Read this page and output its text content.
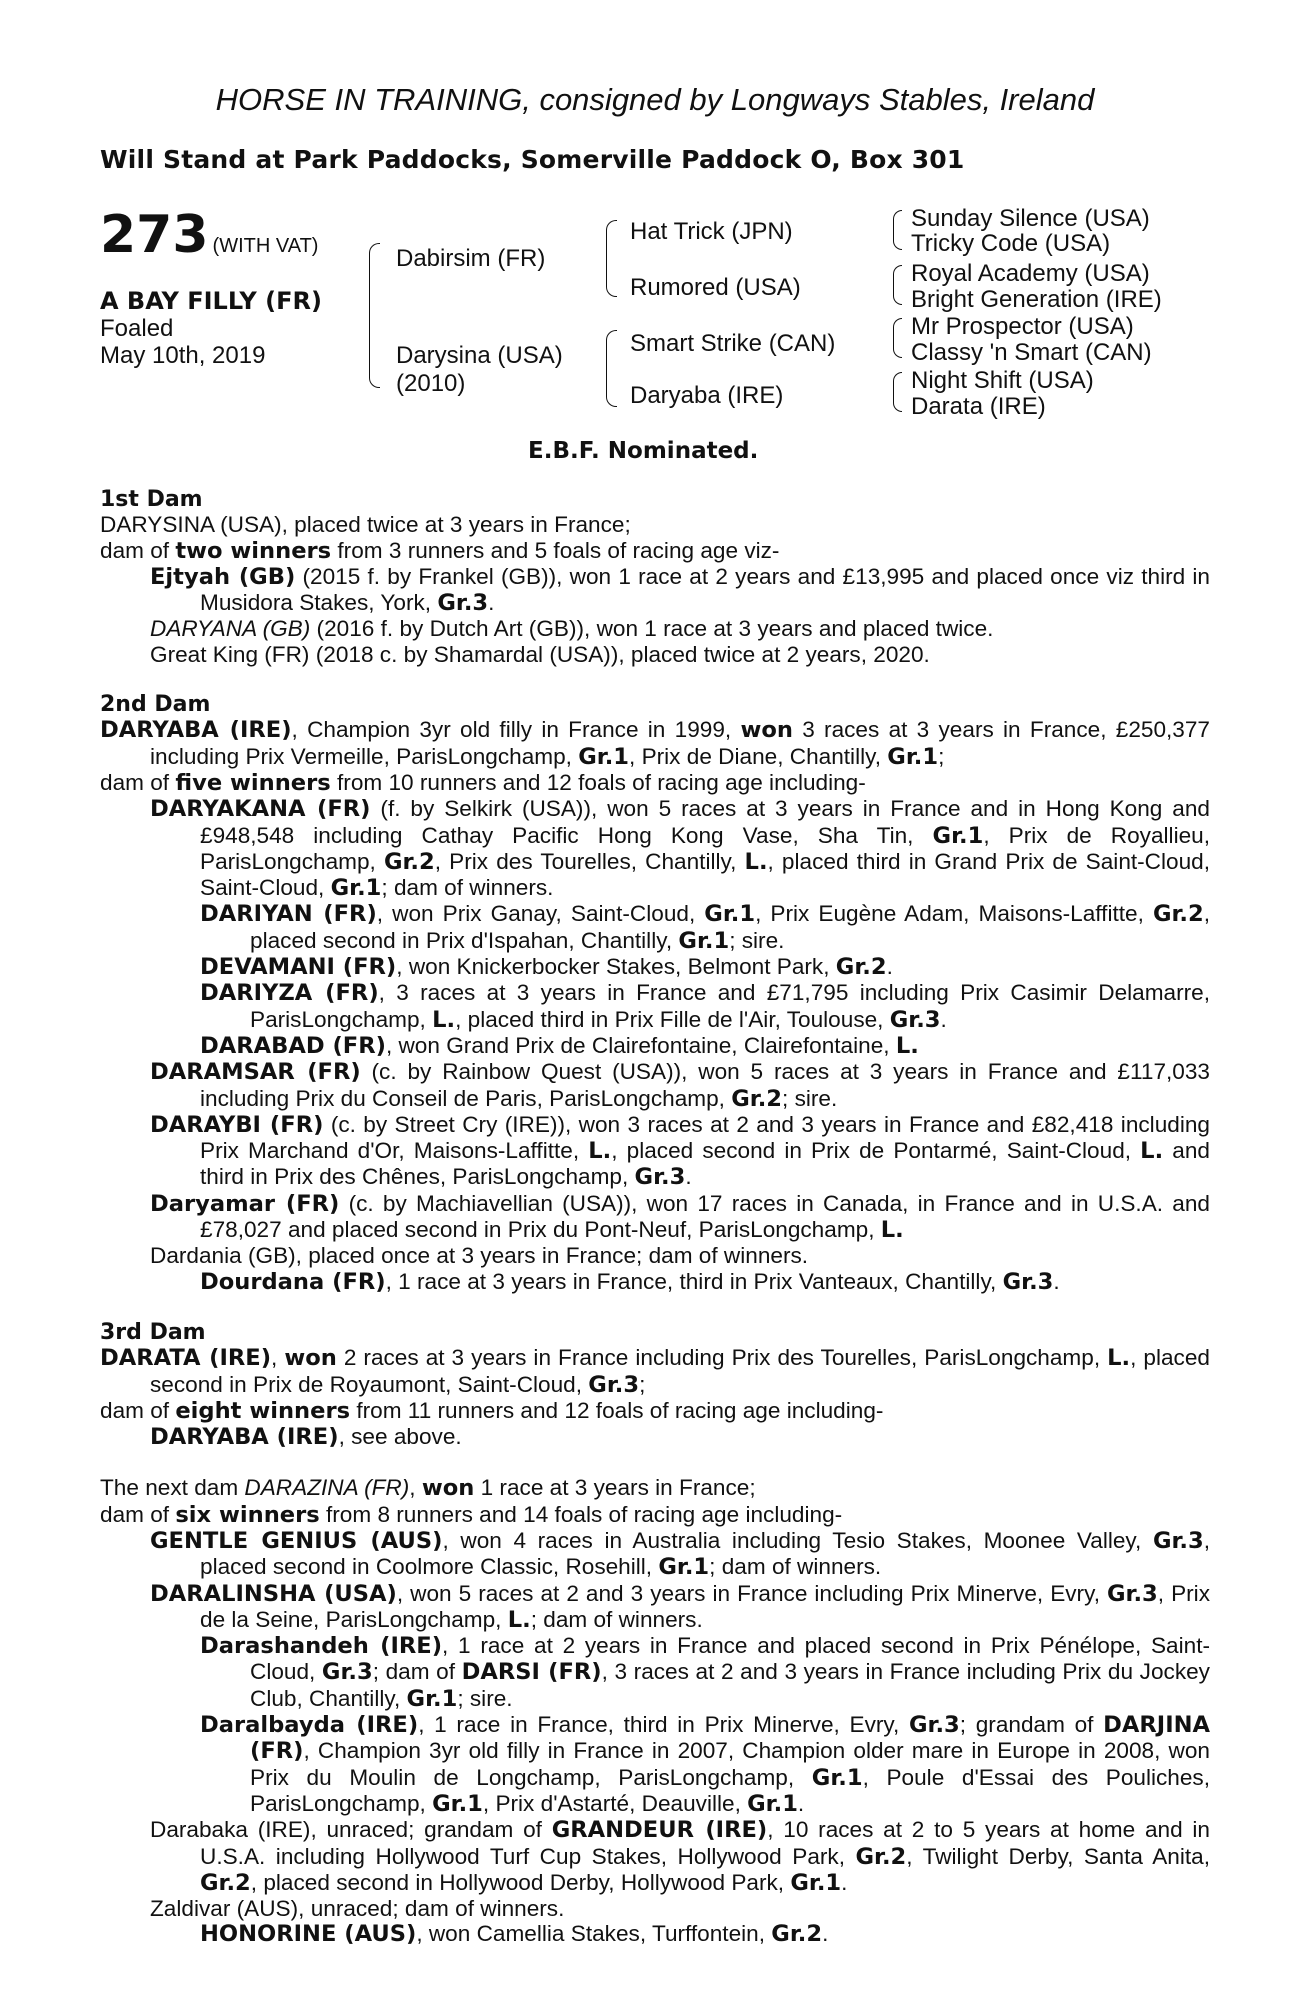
HORSE IN TRAINING, consigned by Longways Stables, Ireland
Will Stand at Park Paddocks, Somerville Paddock O, Box 301
273 (WITH VAT)
A BAY FILLY (FR)
Foaled
May 10th, 2019
Dabirsim (FR)
Darysina (USA)
(2010)
Hat Trick (JPN)
Rumored (USA)
Smart Strike (CAN)
Daryaba (IRE)
Sunday Silence (USA)
Tricky Code (USA)
Royal Academy (USA)
Bright Generation (IRE)
Mr Prospector (USA)
Classy 'n Smart (CAN)
Night Shift (USA)
Darata (IRE)
E.B.F. Nominated.

1st Dam

DARYSINA (USA), placed twice at 3 years in France;

dam of two winners from 3 runners and 5 foals of racing age viz-

Ejtyah (GB) (2015 f. by Frankel (GB)), won 1 race at 2 years and £13,995 and placed once viz third in Musidora Stakes, York, Gr.3.

DARYANA (GB) (2016 f. by Dutch Art (GB)), won 1 race at 3 years and placed twice.

Great King (FR) (2018 c. by Shamardal (USA)), placed twice at 2 years, 2020.

2nd Dam

DARYABA (IRE), Champion 3yr old filly in France in 1999, won 3 races at 3 years in France, £250,377 including Prix Vermeille, ParisLongchamp, Gr.1, Prix de Diane, Chantilly, Gr.1;

dam of five winners from 10 runners and 12 foals of racing age including-

DARYAKANA (FR) (f. by Selkirk (USA)), won 5 races at 3 years in France and in Hong Kong and £948,548 including Cathay Pacific Hong Kong Vase, Sha Tin, Gr.1, Prix de Royallieu, ParisLongchamp, Gr.2, Prix des Tourelles, Chantilly, L., placed third in Grand Prix de Saint-Cloud, Saint-Cloud, Gr.1; dam of winners.

DARIYAN (FR), won Prix Ganay, Saint-Cloud, Gr.1, Prix Eugène Adam, Maisons-Laffitte, Gr.2, placed second in Prix d'Ispahan, Chantilly, Gr.1; sire.

DEVAMANI (FR), won Knickerbocker Stakes, Belmont Park, Gr.2.

DARIYZA (FR), 3 races at 3 years in France and £71,795 including Prix Casimir Delamarre, ParisLongchamp, L., placed third in Prix Fille de l'Air, Toulouse, Gr.3.

DARABAD (FR), won Grand Prix de Clairefontaine, Clairefontaine, L.

DARAMSAR (FR) (c. by Rainbow Quest (USA)), won 5 races at 3 years in France and £117,033 including Prix du Conseil de Paris, ParisLongchamp, Gr.2; sire.

DARAYBI (FR) (c. by Street Cry (IRE)), won 3 races at 2 and 3 years in France and £82,418 including Prix Marchand d'Or, Maisons-Laffitte, L., placed second in Prix de Pontarmé, Saint-Cloud, L. and third in Prix des Chênes, ParisLongchamp, Gr.3.

Daryamar (FR) (c. by Machiavellian (USA)), won 17 races in Canada, in France and in U.S.A. and £78,027 and placed second in Prix du Pont-Neuf, ParisLongchamp, L.

Dardania (GB), placed once at 3 years in France; dam of winners.

Dourdana (FR), 1 race at 3 years in France, third in Prix Vanteaux, Chantilly, Gr.3.

3rd Dam

DARATA (IRE), won 2 races at 3 years in France including Prix des Tourelles, ParisLongchamp, L., placed second in Prix de Royaumont, Saint-Cloud, Gr.3;

dam of eight winners from 11 runners and 12 foals of racing age including-

DARYABA (IRE), see above.

The next dam DARAZINA (FR), won 1 race at 3 years in France;

dam of six winners from 8 runners and 14 foals of racing age including-

GENTLE GENIUS (AUS), won 4 races in Australia including Tesio Stakes, Moonee Valley, Gr.3, placed second in Coolmore Classic, Rosehill, Gr.1; dam of winners.

DARALINSHA (USA), won 5 races at 2 and 3 years in France including Prix Minerve, Evry, Gr.3, Prix de la Seine, ParisLongchamp, L.; dam of winners.

Darashandeh (IRE), 1 race at 2 years in France and placed second in Prix Pénélope, Saint-Cloud, Gr.3; dam of DARSI (FR), 3 races at 2 and 3 years in France including Prix du Jockey Club, Chantilly, Gr.1; sire.

Daralbayda (IRE), 1 race in France, third in Prix Minerve, Evry, Gr.3; grandam of DARJINA (FR), Champion 3yr old filly in France in 2007, Champion older mare in Europe in 2008, won Prix du Moulin de Longchamp, ParisLongchamp, Gr.1, Poule d'Essai des Pouliches, ParisLongchamp, Gr.1, Prix d'Astarté, Deauville, Gr.1.

Darabaka (IRE), unraced; grandam of GRANDEUR (IRE), 10 races at 2 to 5 years at home and in U.S.A. including Hollywood Turf Cup Stakes, Hollywood Park, Gr.2, Twilight Derby, Santa Anita, Gr.2, placed second in Hollywood Derby, Hollywood Park, Gr.1.

Zaldivar (AUS), unraced; dam of winners.

HONORINE (AUS), won Camellia Stakes, Turffontein, Gr.2.
